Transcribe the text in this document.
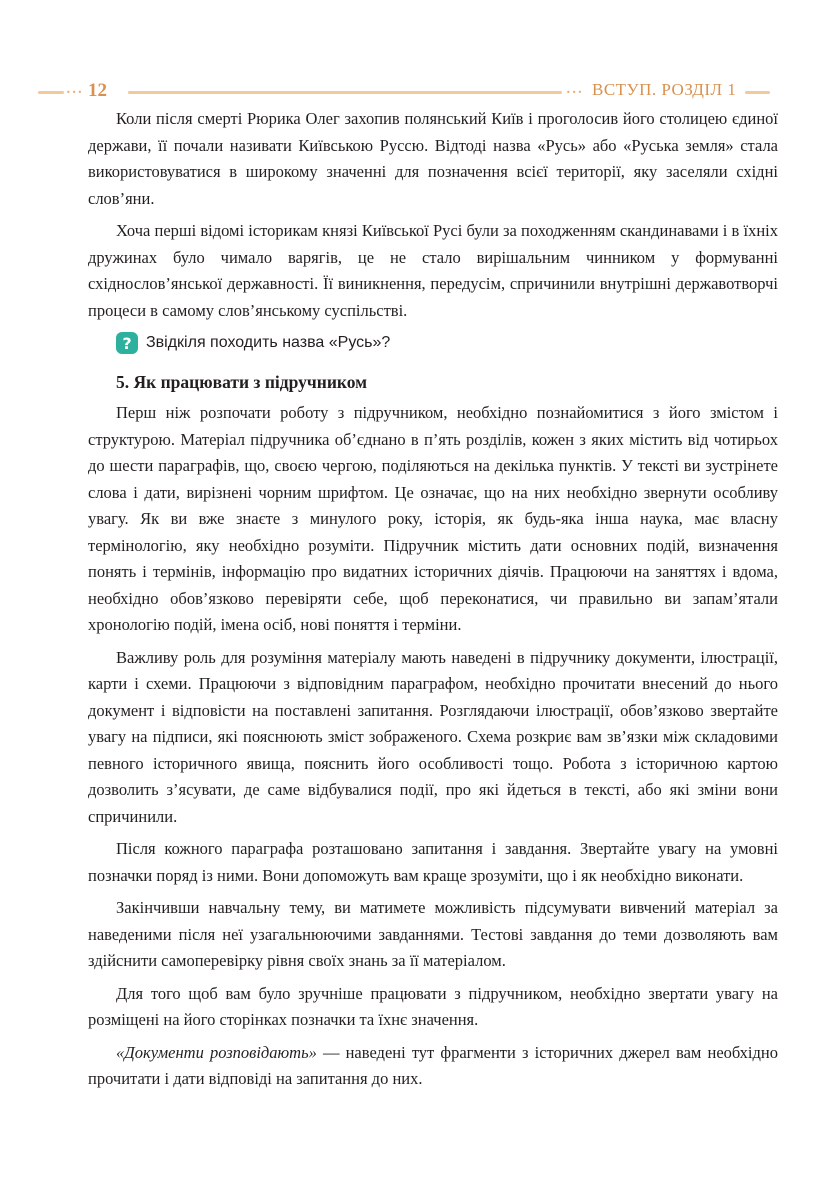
••• 12	••• ВСТУП. РОЗДІЛ 1

Коли після смерті Рюрика Олег захопив полянський Київ і проголосив його столицею єдиної держави, її почали називати Київською Руссю. Відтоді назва «Русь» або «Руська земля» стала використовуватися в широкому значенні для позначення всієї території, яку заселяли східні слов’яни.

Хоча перші відомі історикам князі Київської Русі були за походженням скандинавами і в їхніх дружинах було чимало варягів, це не стало вирішальним чинником у формуванні східнослов’янської державності. Її виникнення, передусім, спричинили внутрішні державотворчі процеси в самому слов’янському суспільстві.

? Звідкіля походить назва «Русь»?
5. Як працювати з підручником

Перш ніж розпочати роботу з підручником, необхідно познайомитися з його змістом і структурою. Матеріал підручника об’єднано в п’ять розділів, кожен з яких містить від чотирьох до шести параграфів, що, своєю чергою, поділяються на декілька пунктів. У тексті ви зустрінете слова і дати, вирізнені чорним шрифтом. Це означає, що на них необхідно звернути особливу увагу. Як ви вже знаєте з минулого року, історія, як будь-яка інша наука, має власну термінологію, яку необхідно розуміти. Підручник містить дати основних подій, визначення понять і термінів, інформацію про видатних історичних діячів. Працюючи на заняттях і вдома, необхідно обов’язково перевіряти себе, щоб переконатися, чи правильно ви запам’ятали хронологію подій, імена осіб, нові поняття і терміни.

Важливу роль для розуміння матеріалу мають наведені в підручнику документи, ілюстрації, карти і схеми. Працюючи з відповідним параграфом, необхідно прочитати внесений до нього документ і відповісти на поставлені запитання. Розглядаючи ілюстрації, обов’язково звертайте увагу на підписи, які пояснюють зміст зображеного. Схема розкриє вам зв’язки між складовими певного історичного явища, пояснить його особливості тощо. Робота з історичною картою дозволить з’ясувати, де саме відбувалися події, про які йдеться в тексті, або які зміни вони спричинили.

Після кожного параграфа розташовано запитання і завдання. Звертайте увагу на умовні позначки поряд із ними. Вони допоможуть вам краще зрозуміти, що і як необхідно виконати.

Закінчивши навчальну тему, ви матимете можливість підсумувати вивчений матеріал за наведеними після неї узагальнюючими завданнями. Тестові завдання до теми дозволяють вам здійснити самоперевірку рівня своїх знань за її матеріалом.

Для того щоб вам було зручніше працювати з підручником, необхідно звертати увагу на розміщені на його сторінках позначки та їхнє значення.

«Документи розповідають» — наведені тут фрагменти з історичних джерел вам необхідно прочитати і дати відповіді на запитання до них.
